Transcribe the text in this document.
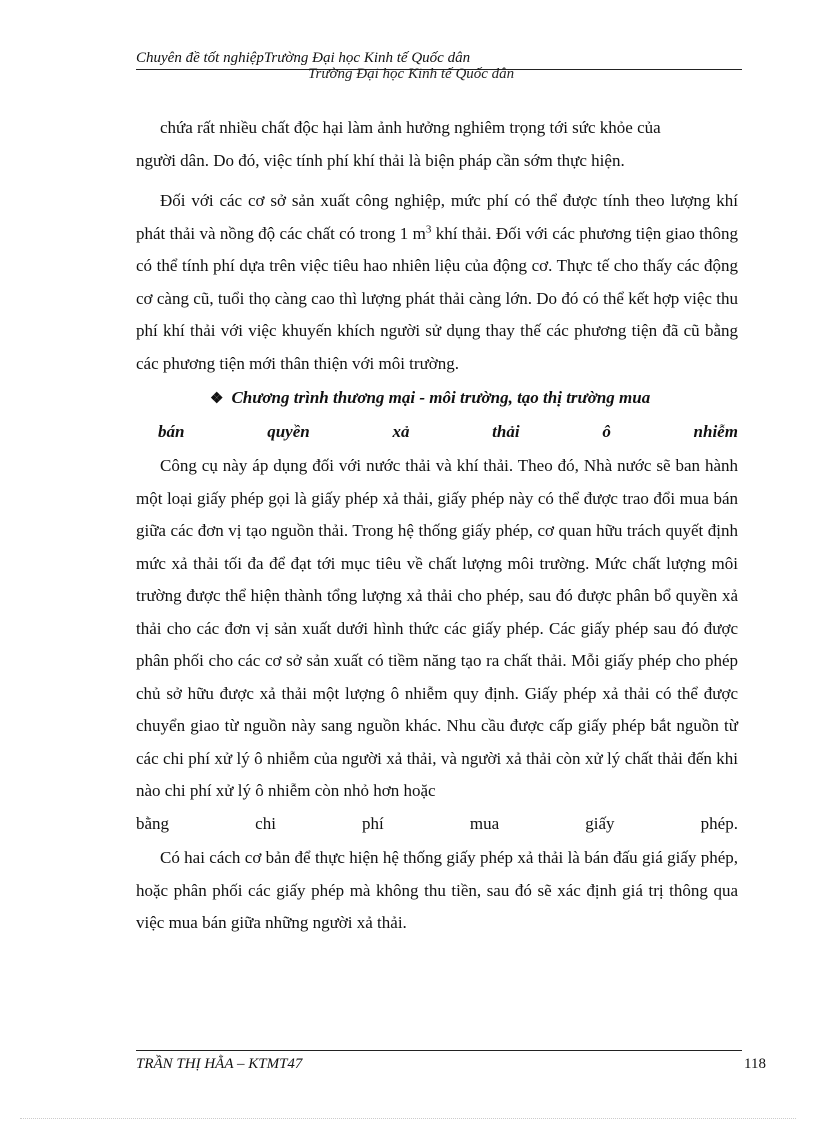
Chuyên đề tốt nghiệpTrường Đại học Kinh tế Quốc dân
Trường Đại học Kinh tế Quốc dân

chứa rất nhiều chất độc hại làm ảnh hưởng nghiêm trọng tới sức khỏe của
người dân. Do đó, việc tính phí khí thải là biện pháp cần sớm thực hiện.

Đối với các cơ sở sản xuất công nghiệp, mức phí có thể được tính theo lượng khí phát thải và nồng độ các chất có trong 1 $m^3$ khí thải. Đối với các phương tiện giao thông có thể tính phí dựa trên việc tiêu hao nhiên liệu của động cơ. Thực tế cho thấy các động cơ càng cũ, tuổi thọ càng cao thì lượng phát thải càng lớn. Do đó có thể kết hợp việc thu phí khí thải với việc khuyến khích người sử dụng thay thế các phương tiện đã cũ bằng các phương tiện mới thân thiện với môi trường.

❖ Chương trình thương mại - môi trường, tạo thị trường mua
bán	quyền	xả	thải	ô	nhiễm

Công cụ này áp dụng đối với nước thải và khí thải. Theo đó, Nhà nước sẽ ban hành một loại giấy phép gọi là giấy phép xả thải, giấy phép này có thể được trao đổi mua bán giữa các đơn vị tạo nguồn thải. Trong hệ thống giấy phép, cơ quan hữu trách quyết định mức xả thải tối đa để đạt tới mục tiêu về chất lượng môi trường. Mức chất lượng môi trường được thể hiện thành tổng lượng xả thải cho phép, sau đó được phân bổ quyền xả thải cho các đơn vị sản xuất dưới hình thức các giấy phép. Các giấy phép sau đó được phân phối cho các cơ sở sản xuất có tiềm năng tạo ra chất thải. Mỗi giấy phép cho phép chủ sở hữu được xả thải một lượng ô nhiễm quy định. Giấy phép xả thải có thể được chuyển giao từ nguồn này sang nguồn khác. Nhu cầu được cấp giấy phép bắt nguồn từ các chi phí xử lý ô nhiễm của người xả thải, và người xả thải còn xử lý chất thải đến khi nào chi phí xử lý ô nhiễm còn nhỏ hơn hoặc

bằng	chi	phí	mua	giấy	phép.

Có hai cách cơ bản để thực hiện hệ thống giấy phép xả thải là bán đấu giá giấy phép, hoặc phân phối các giấy phép mà không thu tiền, sau đó sẽ xác định giá trị thông qua việc mua bán giữa những người xả thải.

TRẦN THỊ HẰA – KTMT47	118
